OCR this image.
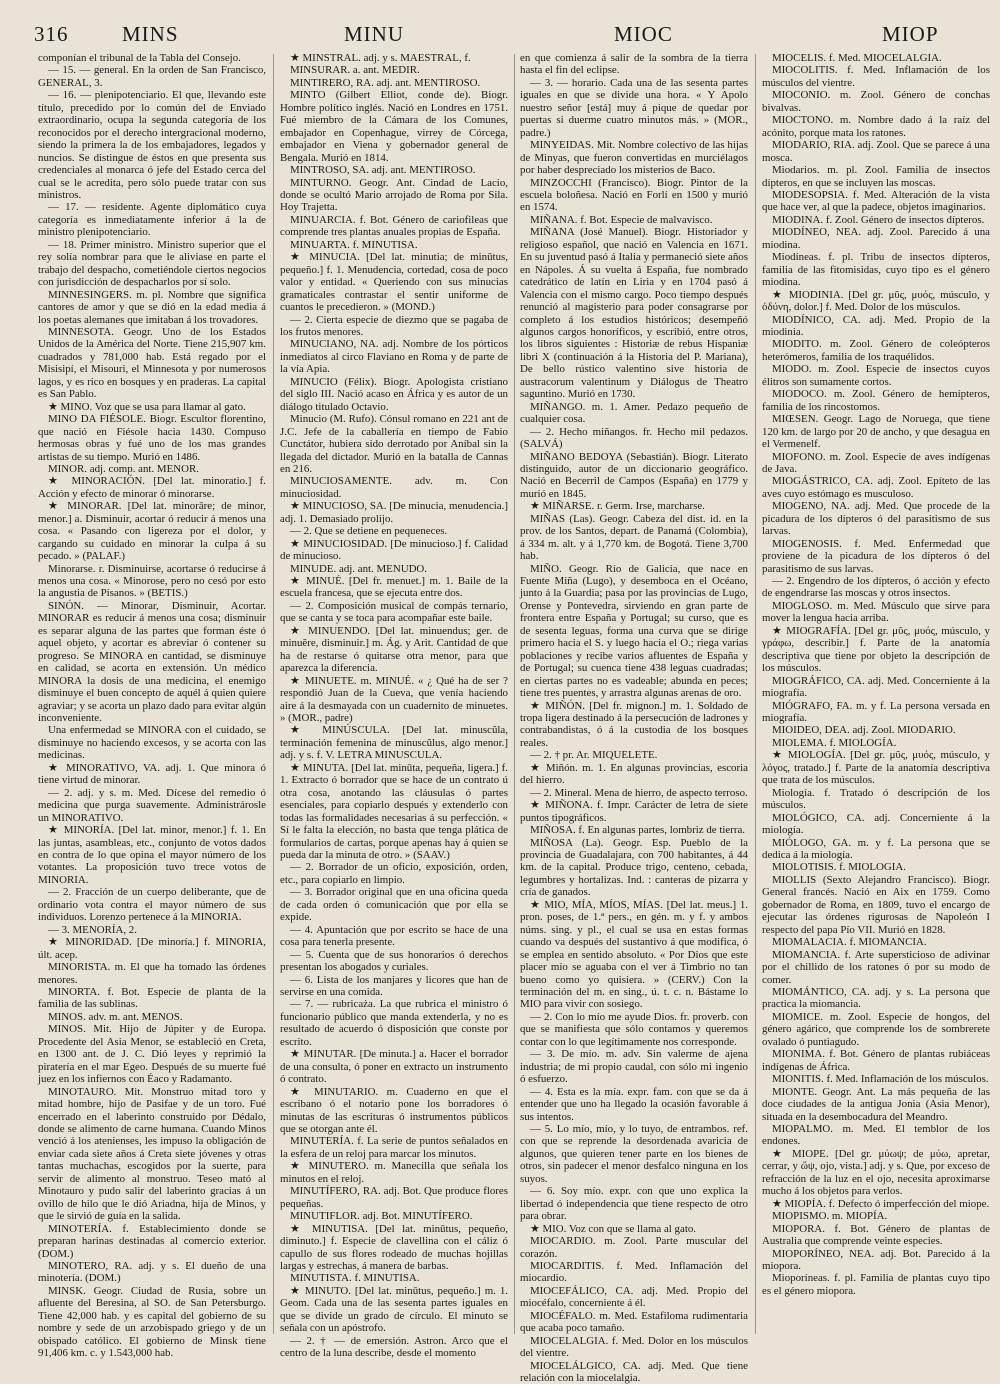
316	MINS	MINU	MIOC	MIOP

componían el tribunal de la Tabla del Consejo.

— 15. — general. En la orden de San Francisco, GENERAL, 3.

— 16. — plenipotenciario. El que, llevando este título, precedido por lo común del de Enviado extraordinario, ocupa la segunda categoría de los reconocidos por el derecho intergracional moderno, siendo la primera la de los embajadores, legados y nuncios. Se distingue de éstos en que presenta sus credenciales al monarca ó jefe del Estado cerca del cual se le acredita, pero sólo puede tratar con sus ministros.

— 17. — residente. Agente diplomático cuya categoría es inmediatamente inferior á la de ministro plenipotenciario.

— 18. Primer ministro. Ministro superior que el rey solía nombrar para que le aliviase en parte el trabajo del despacho, cometiéndole ciertos negocios con jurisdicción de despacharlos por sí solo.

MINNESINGERS. m. pl. Nombre que significa cantores de amor y que se dió en la edad media á los poetas alemanes que imitaban á los trovadores.

MINNESOTA. Geogr. Uno de los Estados Unidos de la América del Norte. Tiene 215,907 km. cuadrados y 781,000 hab. Está regado por el Misisipí, el Misouri, el Minnesota y por numerosos lagos, y es rico en bosques y en praderas. La capital es San Pablo.

★ MINO. Voz que se usa para llamar al gato.

MINO DA FIÉSOLE. Biogr. Escultor florentino, que nació en Fiésole hacia 1430. Compuso hermosas obras y fué uno de los mas grandes artistas de su tiempo. Murió en 1486.

MINOR. adj. comp. ant. MENOR.

★ MINORACIÓN. [Del lat. minoratio.] f. Acción y efecto de minorar ó minorarse.

★ MINORAR. [Del lat. minorāre; de minor, menor.] a. Disminuir, acortar ó reducir á menos una cosa. « Pasando con ligereza por el dolor, y cargando su cuidado en minorar la culpa á su pecado. » (PALAF.)

Minorarse. r. Disminuirse, acortarse ó reducirse á menos una cosa. « Minorose, pero no cesó por esto la angustia de Pisanos. » (BETIS.)

SINÓN. — Minorar, Disminuir, Acortar. MINORAR es reducir á menos una cosa; disminuir es separar alguna de las partes que forman éste ó aquel objeto, y acortar es abreviar ó contener su progreso. Se MINORA en cantidad, se disminuye en calidad, se acorta en extensión. Un médico MINORA la dosis de una medicina, el enemigo disminuye el buen concepto de aquél á quien quiere agraviar; y se acorta un plazo dado para evitar algún inconveniente.

Una enfermedad se MINORA con el cuidado, se disminuye no haciendo excesos, y se acorta con las medicinas.

★ MINORATIVO, VA. adj. 1. Que minora ó tiene virtud de minorar.

— 2. adj. y s. m. Med. Dícese del remedio ó medicina que purga suavemente. Administrárosle un MINORATIVO.

★ MINORÍA. [Del lat. minor, menor.] f. 1. En las juntas, asambleas, etc., conjunto de votos dados en contra de lo que opina el mayor número de los votantes. La proposición tuvo trece votos de MINORIA.

— 2. Fracción de un cuerpo deliberante, que de ordinario vota contra el mayor número de sus individuos. Lorenzo pertenece á la MINORIA.

— 3. MENORÍA, 2.

★ MINORIDAD. [De minoría.] f. MINORIA, últ. acep.

MINORISTA. m. El que ha tomado las órdenes menores.

MINORTA. f. Bot. Especie de planta de la familia de las sublinas.

MINOS. adv. m. ant. MENOS.

MINOS. Mit. Hijo de Júpiter y de Europa. Procedente del Asia Menor, se estableció en Creta, en 1300 ant. de J. C. Dió leyes y reprimió la piratería en el mar Egeo. Después de su muerte fué juez en los infiernos con Éaco y Radamanto.

MINOTAURO. Mit. Monstruo mitad toro y mitad hombre, hijo de Pasifae y de un toro. Fué encerrado en el laberinto construido por Dédalo, donde se alimento de carne humana. Cuando Minos venció á los atenienses, les impuso la obligación de enviar cada siete años á Creta siete jóvenes y otras tantas muchachas, escogidos por la suerte, para servir de alimento al monstruo. Teseo mató al Minotauro y pudo salir del laberinto gracias á un ovillo de hilo que le dió Ariadna, hija de Minos, y que le sirvió de guía en la salida.

MINOTERÍA. f. Establecimiento donde se preparan harinas destinadas al comercio exterior. (DOM.)

MINOTERO, RA. adj. y s. El dueño de una minotería. (DOM.)

MINSK. Geogr. Ciudad de Rusia, sobre un afluente del Beresina, al SO. de San Petersburgo. Tiene 42,000 hab. y es capital del gobierno de su nombre y sede de un arzobispado griego y de un obispado católico. El gobierno de Minsk tiene 91,406 km. c. y 1.543,000 hab.

★ MINSTRAL. adj. y s. MAESTRAL, f.

MINSURAR. a. ant. MEDIR.

MINTIRERO, RA. adj. ant. MENTIROSO.

MINTO (Gilbert Elliot, conde de). Biogr. Hombre político inglés. Nació en Londres en 1751. Fué miembro de la Cámara de los Comunes, embajador en Copenhague, virrey de Córcega, embajador en Viena y gobernador general de Bengala. Murió en 1814.

MINTROSO, SA. adj. ant. MENTIROSO.

MINTURNO. Geogr. Ant. Cindad de Lacio, donde se ocultó Mario arrojado de Roma por Sila. Hoy Trajetta.

MINUARCIA. f. Bot. Género de cariofileas que comprende tres plantas anuales propias de España.

MINUARTA. f. MINUTISA.

★ MINUCIA. [Del lat. minutia; de minūtus, pequeño.] f. 1. Menudencia, cortedad, cosa de poco valor y entidad. « Queriendo con sus minucias gramaticales contrastar el sentir uniforme de cuantos le precedieron. » (MOND.)

— 2. Cierta especie de diezmo que se pagaba de los frutos menores.

MINUCIANO, NA. adj. Nombre de los pórticos inmediatos al circo Flaviano en Roma y de parte de la vía Apia.

MINUCIO (Félix). Biogr. Apologista cristiano del siglo III. Nació acaso en África y es autor de un diálogo titulado Octavio.

Minucio (M. Rufo). Cónsul romano en 221 ant de J.C. Jefe de la caballería en tiempo de Fabio Cunctátor, hubiera sido derrotado por Aníbal sin la llegada del dictador. Murió en la batalla de Cannas en 216.

MINUCIOSAMENTE. adv. m. Con minuciosidad.

★ MINUCIOSO, SA. [De minucia, menudencia.] adj. 1. Demasiado prolijo.

— 2. Que se detiene en pequeneces.

★ MINUCIOSIDAD. [De minucioso.] f. Calidad de minucioso.

MINUDE. adj. ant. MENUDO.

★ MINUÉ. [Del fr. menuet.] m. 1. Baile de la escuela francesa, que se ejecuta entre dos.

— 2. Composición musical de compás ternario, que se canta y se toca para acompañar este baile.

★ MINUENDO. [Del lat. minuendus; ger. de minuĕre, disminuir.] m. Ág. y Arit. Cantidad de que ha de restarse ó quitarse otra menor, para que aparezca la diferencia.

★ MINUETE. m. MINUÉ. « ¿ Qué ha de ser ? respondió Juan de la Cueva, que venía haciendo aire á la desmayada con un cuadernito de minuetes. » (MOR., padre)

★ MINÚSCULA. [Del lat. minuscŭla, terminación femenina de minuscŭlus, algo menor.] adj. y s. f. V. LETRA MINUSCULA.

★ MINUTA. [Del lat. minūta, pequeña, ligera.] f. 1. Extracto ó borrador que se hace de un contrato ú otra cosa, anotando las cláusulas ó partes esenciales, para copiarlo después y extenderlo con todas las formalidades necesarias á su perfección. « Sí le falta la elección, no basta que tenga plática de formularios de cartas, porque apenas hay á quien se pueda dar la minuta de otro. » (SAAV.)

— 2. Borrador de un oficio, exposición, orden, etc., para copiarlo en limpio.

— 3. Borrador original que en una oficina queda de cada orden ó comunicación que por ella se expide.

— 4. Apuntación que por escrito se hace de una cosa para tenerla presente.

— 5. Cuenta que de sus honorarios ó derechos presentan los abogados y curiales.

— 6. Lista de los manjares y licores que han de servirse en una comida.

— 7. — rubricaża. La que rubrica el ministro ó funcionario público que manda extenderla, y no es resultado de acuerdo ó disposición que conste por escrito.

★ MINUTAR. [De minuta.] a. Hacer el borrador de una consulta, ó poner en extracto un instrumento ó contrato.

★ MINUTARIO. m. Cuaderno en que el escribano ó el notario pone los borradores ó minutas de las escrituras ó instrumentos públicos que se otorgan ante él.

MINUTERÍA. f. La serie de puntos señalados en la esfera de un reloj para marcar los minutos.

★ MINUTERO. m. Manecilla que señala los minutos en el reloj.

MINUTÍFERO, RA. adj. Bot. Que produce flores pequeñas.

MINUTIFLOR. adj. Bot. MINUTÍFERO.

★ MINUTISA. [Del lat. minūtus, pequeño, diminuto.] f. Especie de clavellina con el cáliz ó capullo de sus flores rodeado de muchas hojillas largas y estrechas, á manera de barbas.

MINUTISTA. f. MINUTISA.

★ MINUTO. [Del lat. minūtus, pequeño.] m. 1. Geom. Cada una de las sesenta partes iguales en que se divide un grado de círculo. El minuto se señala con un apóstrofo.

— 2. † — de emersión. Astron. Arco que el centro de la luna describe, desde el momento

en que comienza á salir de la sombra de la tierra hasta el fin del eclipse.

— 3. — horario. Cada una de las sesenta partes iguales en que se divide una hora. « Y Apolo nuestro señor [está] muy á pique de quedar por puertas si duerme cuatro minutos más. » (MOR., padre.)

MINYEIDAS. Mit. Nombre colectivo de las hijas de Minyas, que fueron convertidas en murciélagos por haber despreciado los misterios de Baco.

MINZOCCHI (Francisco). Biogr. Pintor de la escuela boloñesa. Nació en Forlí en 1500 y murió en 1574.

MIÑANA. f. Bot. Especie de malvavisco.

MIÑANA (José Manuel). Biogr. Historiador y religioso español, que nació en Valencia en 1671. En su juventud pasó á Italia y permaneció siete años en Nápoles. Á su vuelta á España, fue nombrado catedrático de latín en Liria y en 1704 pasó á Valencia con el mismo cargo. Poco tiempo después renunció al magisterio para poder consagrarse por completo á los estudios históricos; desempeñó algunos cargos honoríficos, y escribió, entre otros, los libros siguientes : Historiæ de rebus Hispaniæ libri X (continuación á la Historia del P. Mariana), De bello rústico valentino sive historia de austracorum valentinum y Diálogus de Theatro saguntino. Murió en 1730.

MIÑANGO. m. 1. Amer. Pedazo pequeño de cualquier cosa.

— 2. Hecho miñangos. fr. Hecho mil pedazos. (SALVÁ)

MIÑANO BEDOYA (Sebastián). Biogr. Literato distinguido, autor de un diccionario geográfico. Nació en Becerril de Campos (España) en 1779 y murió en 1845.

★ MIÑARSE. r. Germ. Irse, marcharse.

MIÑAS (Las). Geogr. Cabeza del dist. id. en la prov. de los Santos, depart. de Panamá (Colombia), á 334 m. alt. y á 1,770 km. de Bogotá. Tiene 3,700 hab.

MIÑO. Geogr. Río de Galicia, que nace en Fuente Miña (Lugo), y desemboca en el Océano, junto á la Guardia; pasa por las provincias de Lugo, Orense y Pontevedra, sirviendo en gran parte de frontera entre España y Portugal; su curso, que es de sesenta leguas, forma una curva que se dirige primero hacia el S. y luego hacia el O.; riega varias poblaciones y recibe varios afluentes de España y de Portugal; su cuenca tiene 438 leguas cuadradas; en ciertas partes no es vadeable; abunda en peces; tiene tres puentes, y arrastra algunas arenas de oro.

★ MIÑÓN. [Del fr. mignon.] m. 1. Soldado de tropa ligera destinado á la persecución de ladrones y contrabandistas, ó á la custodia de los bosques reales.

— 2. † pr. Ar. MIQUELETE.

★ Miñón. m. 1. En algunas provincias, escoria del hierro.

— 2. Mineral. Mena de hierro, de aspecto terroso.

★ MIÑONA. f. Impr. Carácter de letra de siete puntos tipográficos.

MIÑOSA. f. En algunas partes, lombriz de tierra.

MIÑOSA (La). Geogr. Esp. Pueblo de la provincia de Guadalajara, con 700 habitantes, á 44 km. de la capital. Produce trigo, centeno, cebada, legumbres y hortalizas. Ind. : canteras de pizarra y cría de ganados.

★ MIO, MÍA, MÍOS, MÍAS. [Del lat. meus.] 1. pron. poses, de 1.ª pers., en gén. m. y f. y ambos núms. sing. y pl., el cual se usa en estas formas cuando va después del sustantivo á que modifica, ó se emplea en sentido absoluto. « Por Dios que este placer mío se aguaba con el ver á Timbrio no tan bueno como yo quisiera. » (CERV.) Con la terminación del m. en sing., ú. t. c. n. Bástame lo MIO para vivir con sosiego.

— 2. Con lo mío me ayude Dios. fr. proverb. con que se manifiesta que sólo contamos y queremos contar con lo que legítimamente nos corresponde.

— 3. De mío. m. adv. Sin valerme de ajena industria; de mi propio caudal, con sólo mi ingenio ó esfuerzo.

— 4. Esta es la mía. expr. fam. con que se da á entender que uno ha llegado la ocasión favorable á sus intentos.

— 5. Lo mío, mío, y lo tuyo, de entrambos. ref. con que se reprende la desordenada avaricia de algunos, que quieren tener parte en los bienes de otros, sin padecer el menor desfalco ninguna en los suyos.

— 6. Soy mío. expr. con que uno explica la libertad ó independencia que tiene respecto de otro para obrar.

★ MIO. Voz con que se llama al gato.

MIOCARDIO. m. Zool. Parte muscular del corazón.

MIOCARDITIS. f. Med. Inflamación del miocardio.

MIOCEFÁLICO, CA. adj. Med. Propio del miocéfalo, concerniente á él.

MIOCÉFALO. m. Med. Estafiloma rudimentaria que acaba poco tamaño.

MIOCELALGIA. f. Med. Dolor en los músculos del vientre.

MIOCELÁLGICO, CA. adj. Med. Que tiene relación con la miocelalgia.

MIOCELIS. f. Med. MIOCELALGIA.

MIOCOLITIS. f. Med. Inflamación de los músculos del vientre.

MIOCONIO. m. Zool. Género de conchas bivalvas.

MIOCTONO. m. Nombre dado á la raíz del acónito, porque mata los ratones.

MIODARIO, RIA. adj. Zool. Que se parece á una mosca.

Miodarios. m. pl. Zool. Familia de insectos dípteros, en que se incluyen las moscas.

MIODESOPSIA. f. Med. Alteración de la vista que hace ver, al que la padece, objetos imaginarios.

MIODINA. f. Zool. Género de insectos dípteros.

MIODÍNEO, NEA. adj. Zool. Parecido á una miodina.

Miodíneas. f. pl. Tribu de insectos dípteros, familia de las fitomisidas, cuyo tipo es el género miodina.

★ MIODINIA. [Del gr. μῦς, μυός, músculo, y ὀδύνη, dolor.] f. Med. Dolor de los músculos.

MIODÍNICO, CA. adj. Med. Propio de la miodinia.

MIODITO. m. Zool. Género de coleópteros heterómeros, familia de los traquélidos.

MIODO. m. Zool. Especie de insectos cuyos élitros son sumamente cortos.

MIODOCO. m. Zool. Género de hemípteros, familia de los rincostomos.

MIŒSEN. Geogr. Lago de Noruega, que tiene 120 km. de largo por 20 de ancho, y que desagua en el Vermenelf.

MIOFONO. m. Zool. Especie de aves indígenas de Java.

MIOGÁSTRICO, CA. adj. Zool. Epíteto de las aves cuyo estómago es musculoso.

MIOGENO, NA. adj. Med. Que procede de la picadura de los dípteros ó del parasitismo de sus larvas.

MIOGENOSIS. f. Med. Enfermedad que proviene de la picadura de los dípteros ó del parasitismo de sus larvas.

— 2. Engendro de los dípteros, ó acción y efecto de engendrarse las moscas y otros insectos.

MIOGLOSO. m. Med. Músculo que sirve para mover la lengua hacia arriba.

★ MIOGRAFÍA. [Del gr. μῦς, μυός, músculo, y γράφω, describir.] f. Parte de la anatomía descriptiva que tiene por objeto la descripción de los músculos.

MIOGRÁFICO, CA. adj. Med. Concerniente á la miografía.

MIÓGRAFO, FA. m. y f. La persona versada en miografía.

MIOIDEO, DEA. adj. Zool. MIODARIO.

MIOLEMA. f. MIOLOGÍA.

★ MIOLOGÍA. [Del gr. μῦς, μυός, músculo, y λόγος, tratado.] f. Parte de la anatomía descriptiva que trata de los músculos.

Miología. f. Tratado ó descripción de los músculos.

MIOLÓGICO, CA. adj. Concerniente á la miología.

MIÓLOGO, GA. m. y f. La persona que se dedica á la miología.

MIOLOTISIS. f. MIOLOGIA.

MIOLLIS (Sexto Alejandro Francisco). Biogr. General francés. Nació en Aix en 1759. Como gobernador de Roma, en 1809, tuvo el encargo de ejecutar las órdenes rigurosas de Napoleón I respecto del papa Pío VII. Murió en 1828.

MIOMALACIA. f. MIOMANCIA.

MIOMANCIA. f. Arte supersticioso de adivinar por el chillido de los ratones ó por su modo de comer.

MIOMÁNTICO, CA. adj. y s. La persona que practica la miomancia.

MIOMICE. m. Zool. Especie de hongos, del género agárico, que comprende los de sombrerete ovalado ó puntiagudo.

MIONIMA. f. Bot. Género de plantas rubiáceas indígenas de África.

MIONITIS. f. Med. Inflamación de los músculos.

MIONTE. Geogr. Ant. La más pequeña de las doce ciudades de la antigua Jonia (Asia Menor), situada en la desembocadura del Meandro.

MIOPALMO. m. Med. El temblor de los endones.

★ MIOPE. [Del gr. μύωψ; de μύω, apretar, cerrar, y ὤψ, ojo, vista.] adj. y s. Que, por exceso de refracción de la luz en el ojo, necesita aproximarse mucho á los objetos para verlos.

★ MIOPÍA. f. Defecto ó imperfección del miope.

MIOPISMO. m. MIOPÍA.

MIOPORA. f. Bot. Género de plantas de Australia que comprende veinte especies.

MIOPORÍNEO, NEA. adj. Bot. Parecido á la miopora.

Mioporíneas. f. pl. Familia de plantas cuyo tipo es el género miopora.
